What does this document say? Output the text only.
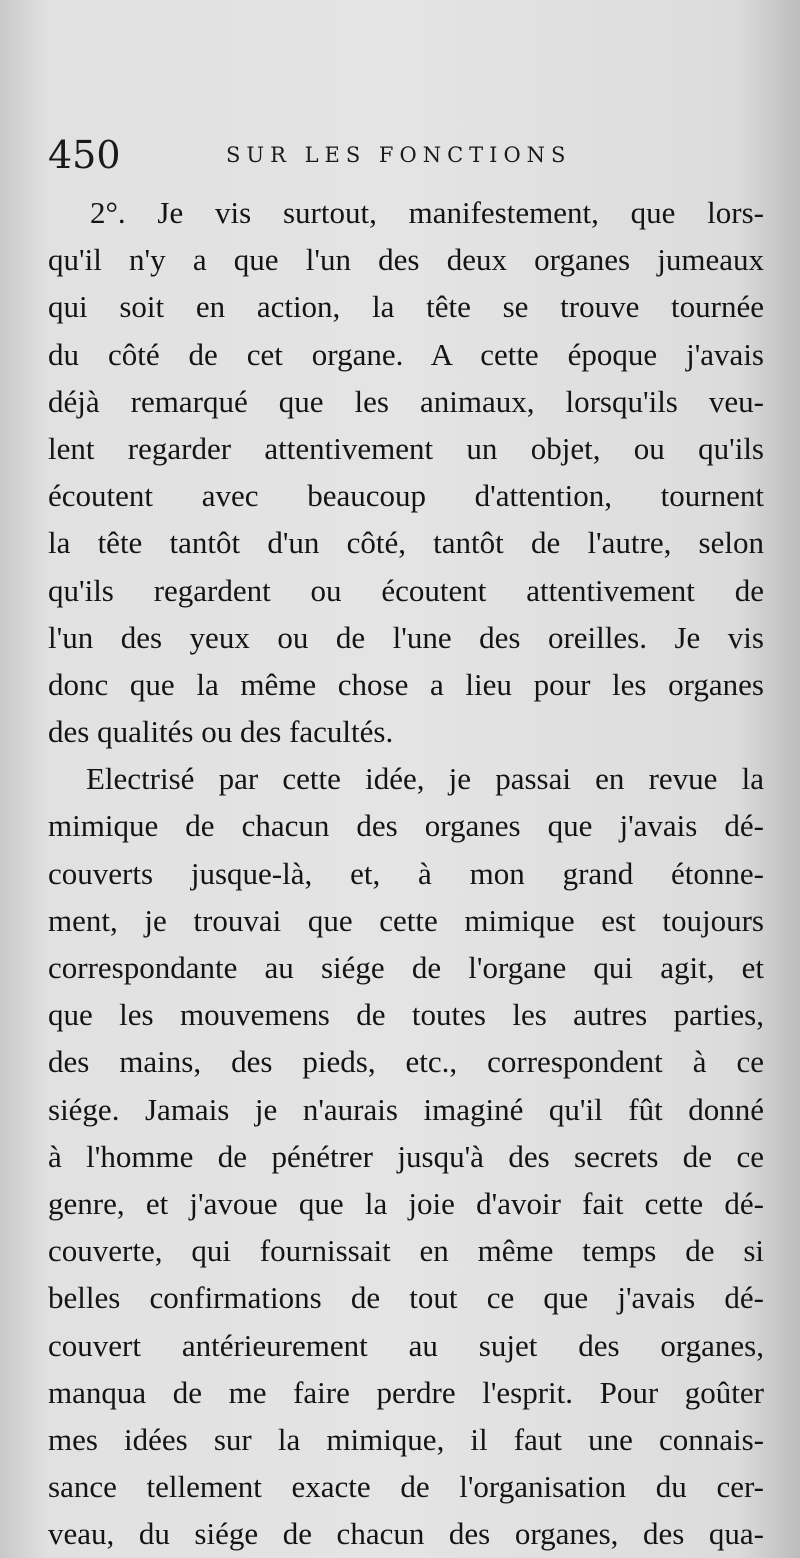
450	SUR LES FONCTIONS
2°. Je vis surtout, manifestement, que lors-
qu'il n'y a que l'un des deux organes jumeaux
qui soit en action, la tête se trouve tournée
du côté de cet organe. A cette époque j'avais
déjà remarqué que les animaux, lorsqu'ils veu-
lent regarder attentivement un objet, ou qu'ils
écoutent avec beaucoup d'attention, tournent
la tête tantôt d'un côté, tantôt de l'autre, selon
qu'ils regardent ou écoutent attentivement de
l'un des yeux ou de l'une des oreilles. Je vis
donc que la même chose a lieu pour les organes
des qualités ou des facultés.
Electrisé par cette idée, je passai en revue la
mimique de chacun des organes que j'avais dé-
couverts jusque-là, et, à mon grand étonne-
ment, je trouvai que cette mimique est toujours
correspondante au siége de l'organe qui agit, et
que les mouvemens de toutes les autres parties,
des mains, des pieds, etc., correspondent à ce
siége. Jamais je n'aurais imaginé qu'il fût donné
à l'homme de pénétrer jusqu'à des secrets de ce
genre, et j'avoue que la joie d'avoir fait cette dé-
couverte, qui fournissait en même temps de si
belles confirmations de tout ce que j'avais dé-
couvert antérieurement au sujet des organes,
manqua de me faire perdre l'esprit. Pour goûter
mes idées sur la mimique, il faut une connais-
sance tellement exacte de l'organisation du cer-
veau, du siége de chacun des organes, des qua-
